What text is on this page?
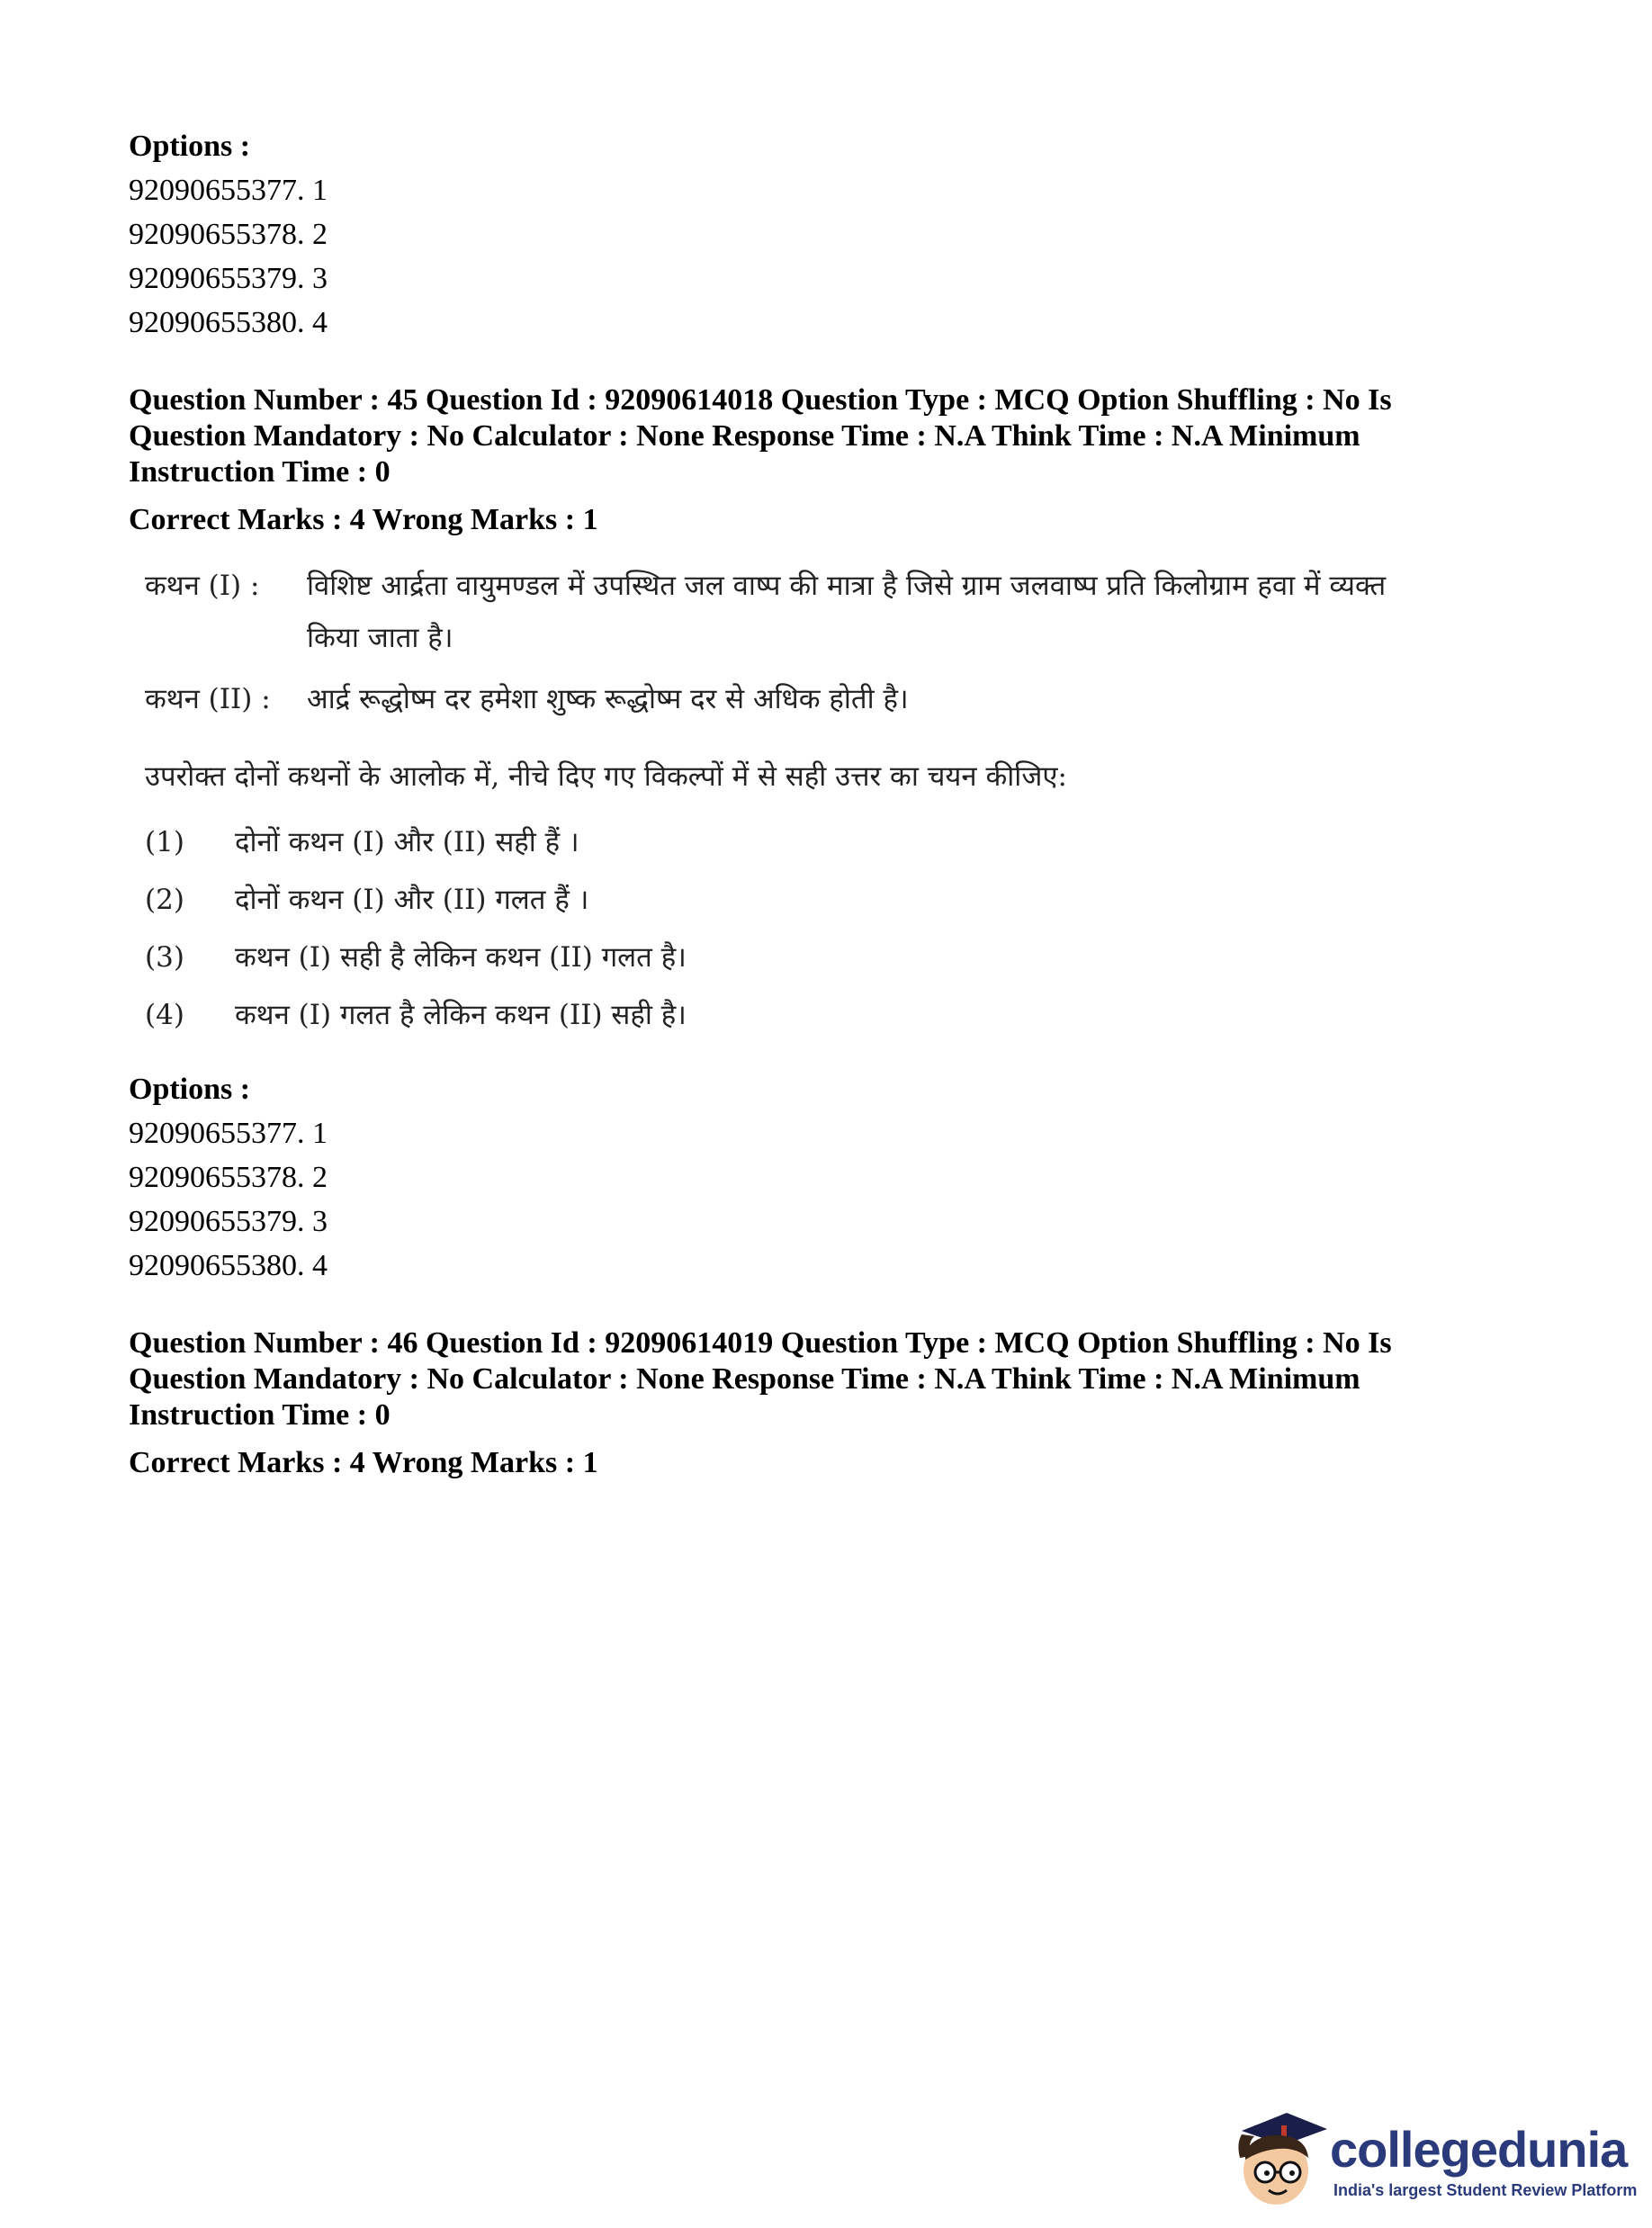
Options :

92090655377. 1

92090655378. 2

92090655379. 3

92090655380. 4

Question Number : 45 Question Id : 92090614018 Question Type : MCQ Option Shuffling : No Is

Question Mandatory : No Calculator : None Response Time : N.A Think Time : N.A Minimum

Instruction Time : 0

Correct Marks : 4 Wrong Marks : 1

कथन (I) :	विशिष्ट आर्द्रता वायुमण्डल में उपस्थित जल वाष्प की मात्रा है जिसे ग्राम जलवाष्प प्रति किलोग्राम हवा में व्यक्त किया जाता है।
कथन (II) :	आर्द्र रूद्धोष्म दर हमेशा शुष्क रूद्धोष्म दर से अधिक होती है।
उपरोक्त दोनों कथनों के आलोक में, नीचे दिए गए विकल्पों में से सही उत्तर का चयन कीजिए:
(1)	दोनों कथन (I) और (II) सही हैं ।
(2)	दोनों कथन (I) और (II) गलत हैं ।
(3)	कथन (I) सही है लेकिन कथन (II) गलत है।
(4)	कथन (I) गलत है लेकिन कथन (II) सही है।

Options :

92090655377. 1

92090655378. 2

92090655379. 3

92090655380. 4

Question Number : 46 Question Id : 92090614019 Question Type : MCQ Option Shuffling : No Is

Question Mandatory : No Calculator : None Response Time : N.A Think Time : N.A Minimum

Instruction Time : 0

Correct Marks : 4 Wrong Marks : 1

collegedunia
India's largest Student Review Platform
